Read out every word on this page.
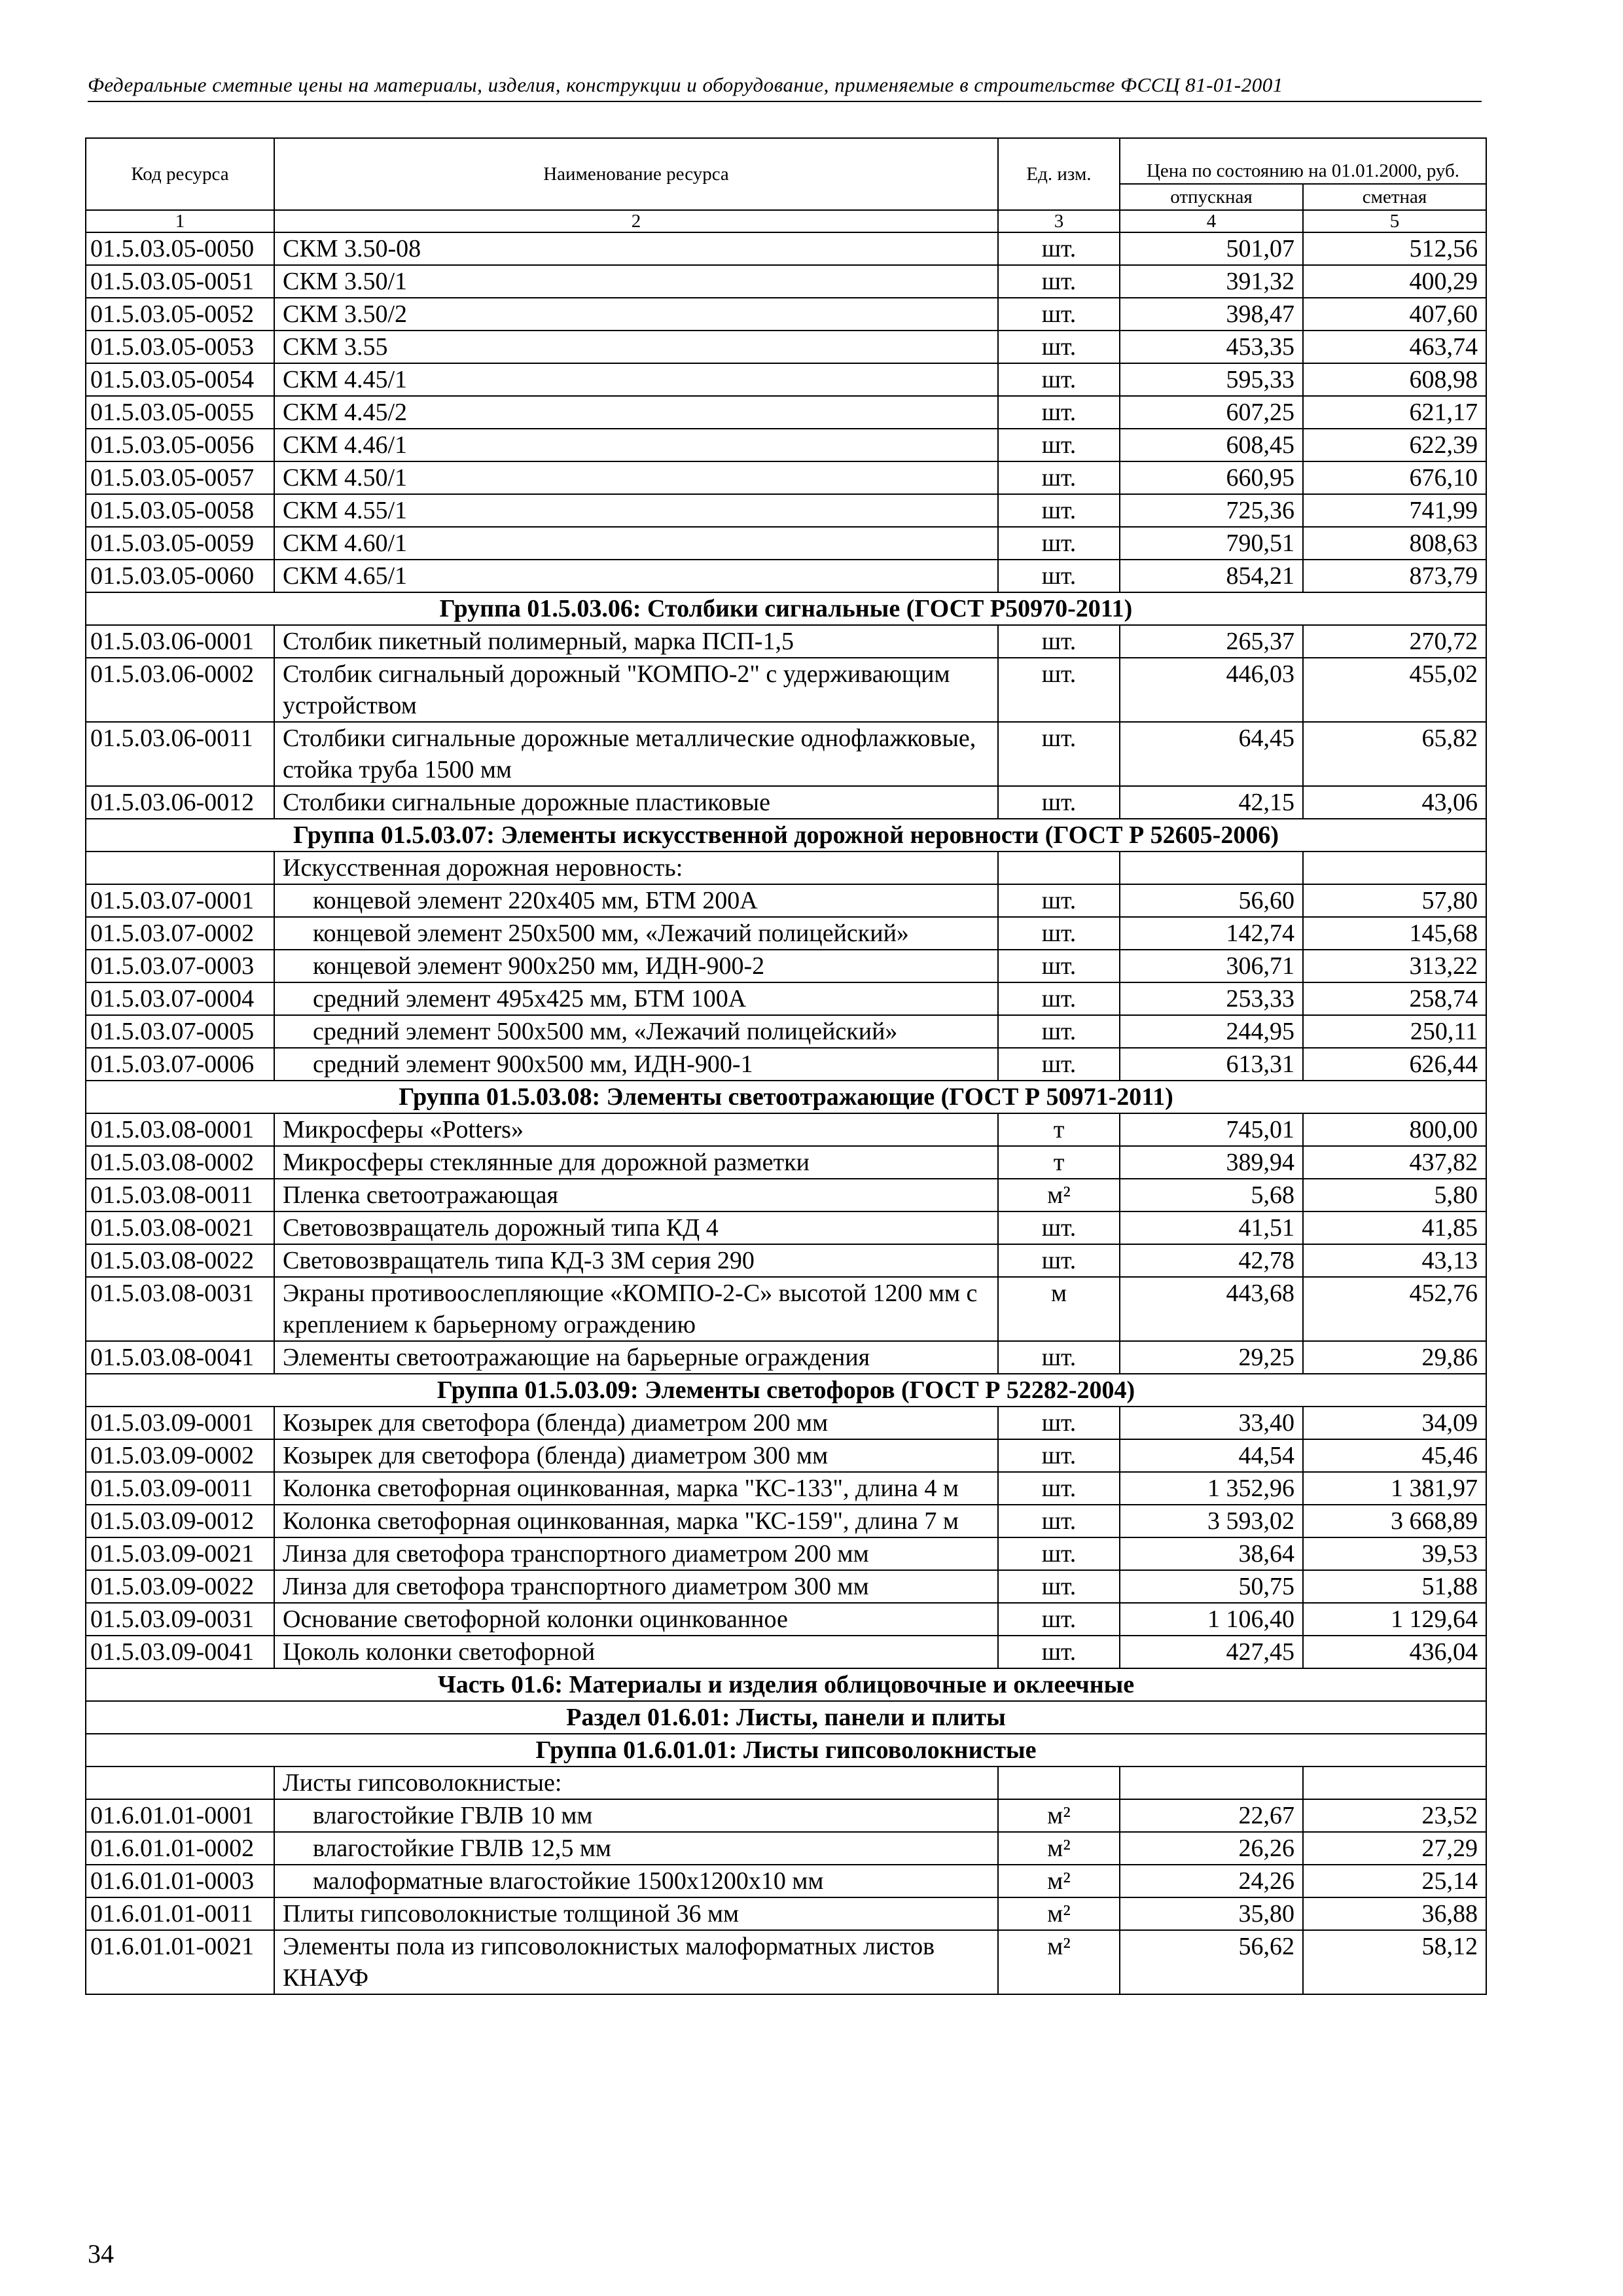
Федеральные сметные цены на материалы, изделия, конструкции и оборудование, применяемые в строительстве ФССЦ 81-01-2001
Код ресурса	Наименование ресурса	Ед. изм.	Цена по состоянию на 01.01.2000, руб.	
			отпускная	сметная
1	2	3	4	5
01.5.03.05-0050	СКМ 3.50-08	шт.	501,07	512,56
01.5.03.05-0051	СКМ 3.50/1	шт.	391,32	400,29
01.5.03.05-0052	СКМ 3.50/2	шт.	398,47	407,60
01.5.03.05-0053	СКМ 3.55	шт.	453,35	463,74
01.5.03.05-0054	СКМ 4.45/1	шт.	595,33	608,98
01.5.03.05-0055	СКМ 4.45/2	шт.	607,25	621,17
01.5.03.05-0056	СКМ 4.46/1	шт.	608,45	622,39
01.5.03.05-0057	СКМ 4.50/1	шт.	660,95	676,10
01.5.03.05-0058	СКМ 4.55/1	шт.	725,36	741,99
01.5.03.05-0059	СКМ 4.60/1	шт.	790,51	808,63
01.5.03.05-0060	СКМ 4.65/1	шт.	854,21	873,79
Группа 01.5.03.06: Столбики сигнальные (ГОСТ Р50970-2011)				
01.5.03.06-0001	Столбик пикетный полимерный, марка ПСП-1,5	шт.	265,37	270,72
01.5.03.06-0002	Столбик сигнальный дорожный "КОМПО-2" с удерживающим устройством	шт.	446,03	455,02
01.5.03.06-0011	Столбики сигнальные дорожные металлические однофлажковые, стойка труба 1500 мм	шт.	64,45	65,82
01.5.03.06-0012	Столбики сигнальные дорожные пластиковые	шт.	42,15	43,06
Группа 01.5.03.07: Элементы искусственной дорожной неровности (ГОСТ Р 52605-2006)				
	Искусственная дорожная неровность:			
01.5.03.07-0001	концевой элемент 220х405 мм, БТМ 200А	шт.	56,60	57,80
01.5.03.07-0002	концевой элемент 250х500 мм, «Лежачий полицейский»	шт.	142,74	145,68
01.5.03.07-0003	концевой элемент 900х250 мм, ИДН-900-2	шт.	306,71	313,22
01.5.03.07-0004	средний элемент 495х425 мм, БТМ 100А	шт.	253,33	258,74
01.5.03.07-0005	средний элемент 500х500 мм, «Лежачий полицейский»	шт.	244,95	250,11
01.5.03.07-0006	средний элемент 900х500 мм, ИДН-900-1	шт.	613,31	626,44
Группа 01.5.03.08: Элементы светоотражающие (ГОСТ Р 50971-2011)				
01.5.03.08-0001	Микросферы «Potters»	т	745,01	800,00
01.5.03.08-0002	Микросферы стеклянные для дорожной разметки	т	389,94	437,82
01.5.03.08-0011	Пленка светоотражающая	м²	5,68	5,80
01.5.03.08-0021	Световозвращатель дорожный типа КД 4	шт.	41,51	41,85
01.5.03.08-0022	Световозвращатель типа КД-3 ЗМ серия 290	шт.	42,78	43,13
01.5.03.08-0031	Экраны противоослепляющие «КОМПО-2-С» высотой 1200 мм с креплением к барьерному ограждению	м	443,68	452,76
01.5.03.08-0041	Элементы светоотражающие на барьерные ограждения	шт.	29,25	29,86
Группа 01.5.03.09: Элементы светофоров (ГОСТ Р 52282-2004)				
01.5.03.09-0001	Козырек для светофора (бленда) диаметром 200 мм	шт.	33,40	34,09
01.5.03.09-0002	Козырек для светофора (бленда) диаметром 300 мм	шт.	44,54	45,46
01.5.03.09-0011	Колонка светофорная оцинкованная, марка "КС-133", длина 4 м	шт.	1 352,96	1 381,97
01.5.03.09-0012	Колонка светофорная оцинкованная, марка "КС-159", длина 7 м	шт.	3 593,02	3 668,89
01.5.03.09-0021	Линза для светофора транспортного диаметром 200 мм	шт.	38,64	39,53
01.5.03.09-0022	Линза для светофора транспортного диаметром 300 мм	шт.	50,75	51,88
01.5.03.09-0031	Основание светофорной колонки оцинкованное	шт.	1 106,40	1 129,64
01.5.03.09-0041	Цоколь колонки светофорной	шт.	427,45	436,04
Часть 01.6: Материалы и изделия облицовочные и оклеечные				
Раздел 01.6.01: Листы, панели и плиты				
Группа 01.6.01.01: Листы гипсоволокнистые				
	Листы гипсоволокнистые:			
01.6.01.01-0001	влагостойкие ГВЛВ 10 мм	м²	22,67	23,52
01.6.01.01-0002	влагостойкие ГВЛВ 12,5 мм	м²	26,26	27,29
01.6.01.01-0003	малоформатные влагостойкие 1500х1200х10 мм	м²	24,26	25,14
01.6.01.01-0011	Плиты гипсоволокнистые толщиной 36 мм	м²	35,80	36,88
01.6.01.01-0021	Элементы пола из гипсоволокнистых малоформатных листов КНАУФ	м²	56,62	58,12
34
